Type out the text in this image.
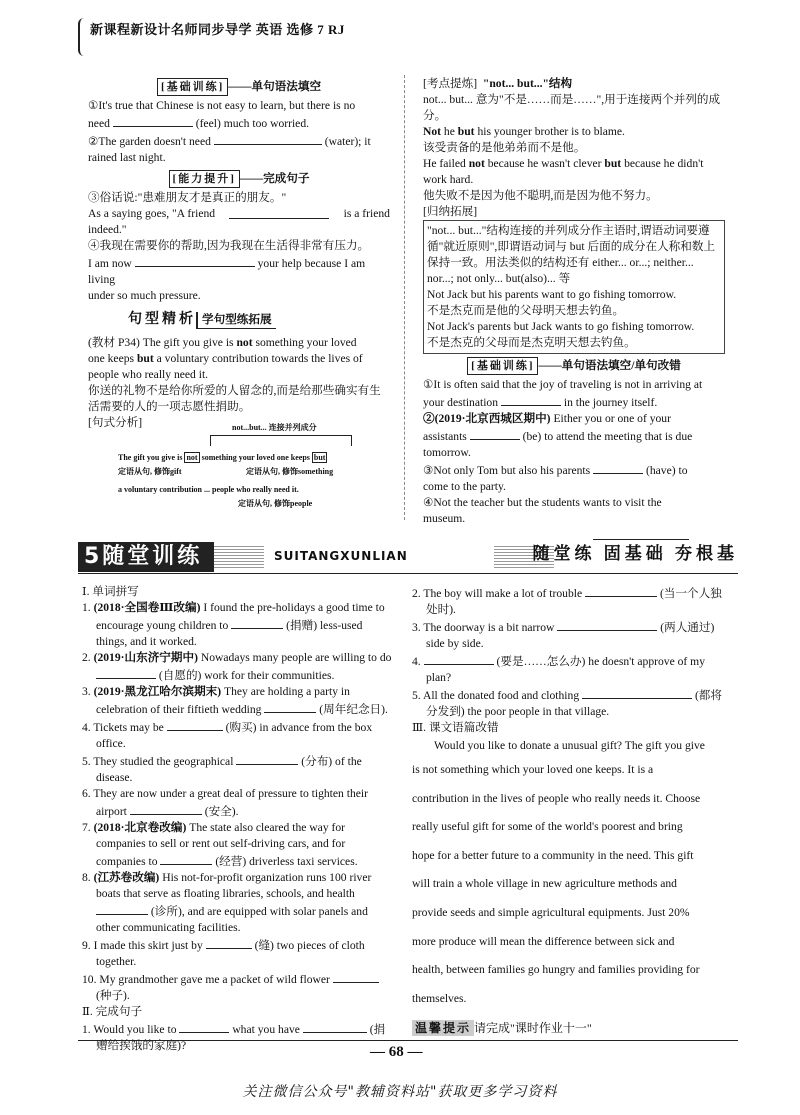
新课程新设计名师同步导学 英语 选修 7 RJ
[基础训练] ——单句语法填空

①It's true that Chinese is not easy to learn, but there is no

need	(feel) much too worried.

②The garden doesn't need	(water); it

rained last night.

[能力提升] ——完成句子

③俗话说:"患难朋友才是真正的朋友。"

As a saying goes, "A friend	is a friend

indeed."

④我现在需要你的帮助,因为我现在生活得非常有压力。

I am now	your help because I am living

under so much pressure.

句型精析 学句型练拓展

(教材 P34) The gift you give is not something your loved

one keeps but a voluntary contribution towards the lives of

people who really need it.

你送的礼物不是给你所爱的人留念的,而是给那些确实有生活需要的人的一项志愿性捐助。

[句式分析]	not...but... 连接并列成分
The gift you give is not something your loved one keeps but
定语从句, 修饰gift	定语从句, 修饰something
a voluntary contribution ... people who really need it.
定语从句, 修饰people

[考点提炼] "not... but..."结构

not... but... 意为"不是……而是……",用于连接两个并列的成分。

Not he but his younger brother is to blame.

该受责备的是他弟弟而不是他。

He failed not because he wasn't clever but because he didn't work hard.

他失败不是因为他不聪明,而是因为他不努力。

[归纳拓展]

"not... but..."结构连接的并列成分作主语时,谓语动词要遵循"就近原则",即谓语动词与 but 后面的成分在人称和数上保持一致。用法类似的结构还有 either... or...; neither... nor...; not only... but(also)... 等

Not Jack but his parents want to go fishing tomorrow.

不是杰克而是他的父母明天想去钓鱼。

Not Jack's parents but Jack wants to go fishing tomorrow.

不是杰克的父母而是杰克明天想去钓鱼。

[基础训练] ——单句语法填空/单句改错

①It is often said that the joy of traveling is not in arriving at

your destination	in the journey itself.

②(2019·北京西城区期中) Either you or one of your

assistants	(be) to attend the meeting that is due

tomorrow.

③Not only Tom but also his parents	(have) to

come to the party.

④Not the teacher but the students wants to visit the

museum.

5随堂训练	SUITANGXUNLIAN	随堂练 固基础 夯根基

Ⅰ. 单词拼写

1. (2018·全国卷Ⅲ改编) I found the pre-holidays a good time to encourage young children to	(捐赠) less-used things, and it worked.

2. (2019·山东济宁期中) Nowadays many people are willing to do  (自愿的) work for their communities.

3. (2019·黑龙江哈尔滨期末) They are holding a party in celebration of their fiftieth wedding	(周年纪念日).

4. Tickets may be	(购买) in advance from the box office.

5. They studied the geographical	(分布) of the disease.

6. They are now under a great deal of pressure to tighten their airport	(安全).

7. (2018·北京卷改编) The state also cleared the way for companies to sell or rent out self-driving cars, and for companies to	(经营) driverless taxi services.

8. (江苏卷改编) His not-for-profit organization runs 100 river boats that serve as floating libraries, schools, and health  (诊所), and are equipped with solar panels and other communicating facilities.

9. I made this skirt just by	(缝) two pieces of cloth together.

10. My grandmother gave me a packet of wild flower  (种子).

Ⅱ. 完成句子

1. Would you like to	what you have	(捐赠给挨饿的家庭)?

2. The boy will make a lot of trouble	(当一个人独处时).

3. The doorway is a bit narrow	(两人通过) side by side.

4.	(要是……怎么办) he doesn't approve of my plan?

5. All the donated food and clothing	(都将分发到) the poor people in that village.

Ⅲ. 课文语篇改错

Would you like to donate a unusual gift? The gift you give

is not something which your loved one keeps. It is a

contribution in the lives of people who really needs it. Choose

really useful gift for some of the world's poorest and bring

hope for a better future to a community in the need. This gift

will train a whole village in new agriculture methods and

provide seeds and simple agricultural equipments. Just 20%

more produce will mean the difference between sick and

health, between families go hungry and families providing for

themselves.

温馨提示 请完成"课时作业十一"
— 68 —
关注微信公众号"教辅资料站"获取更多学习资料
